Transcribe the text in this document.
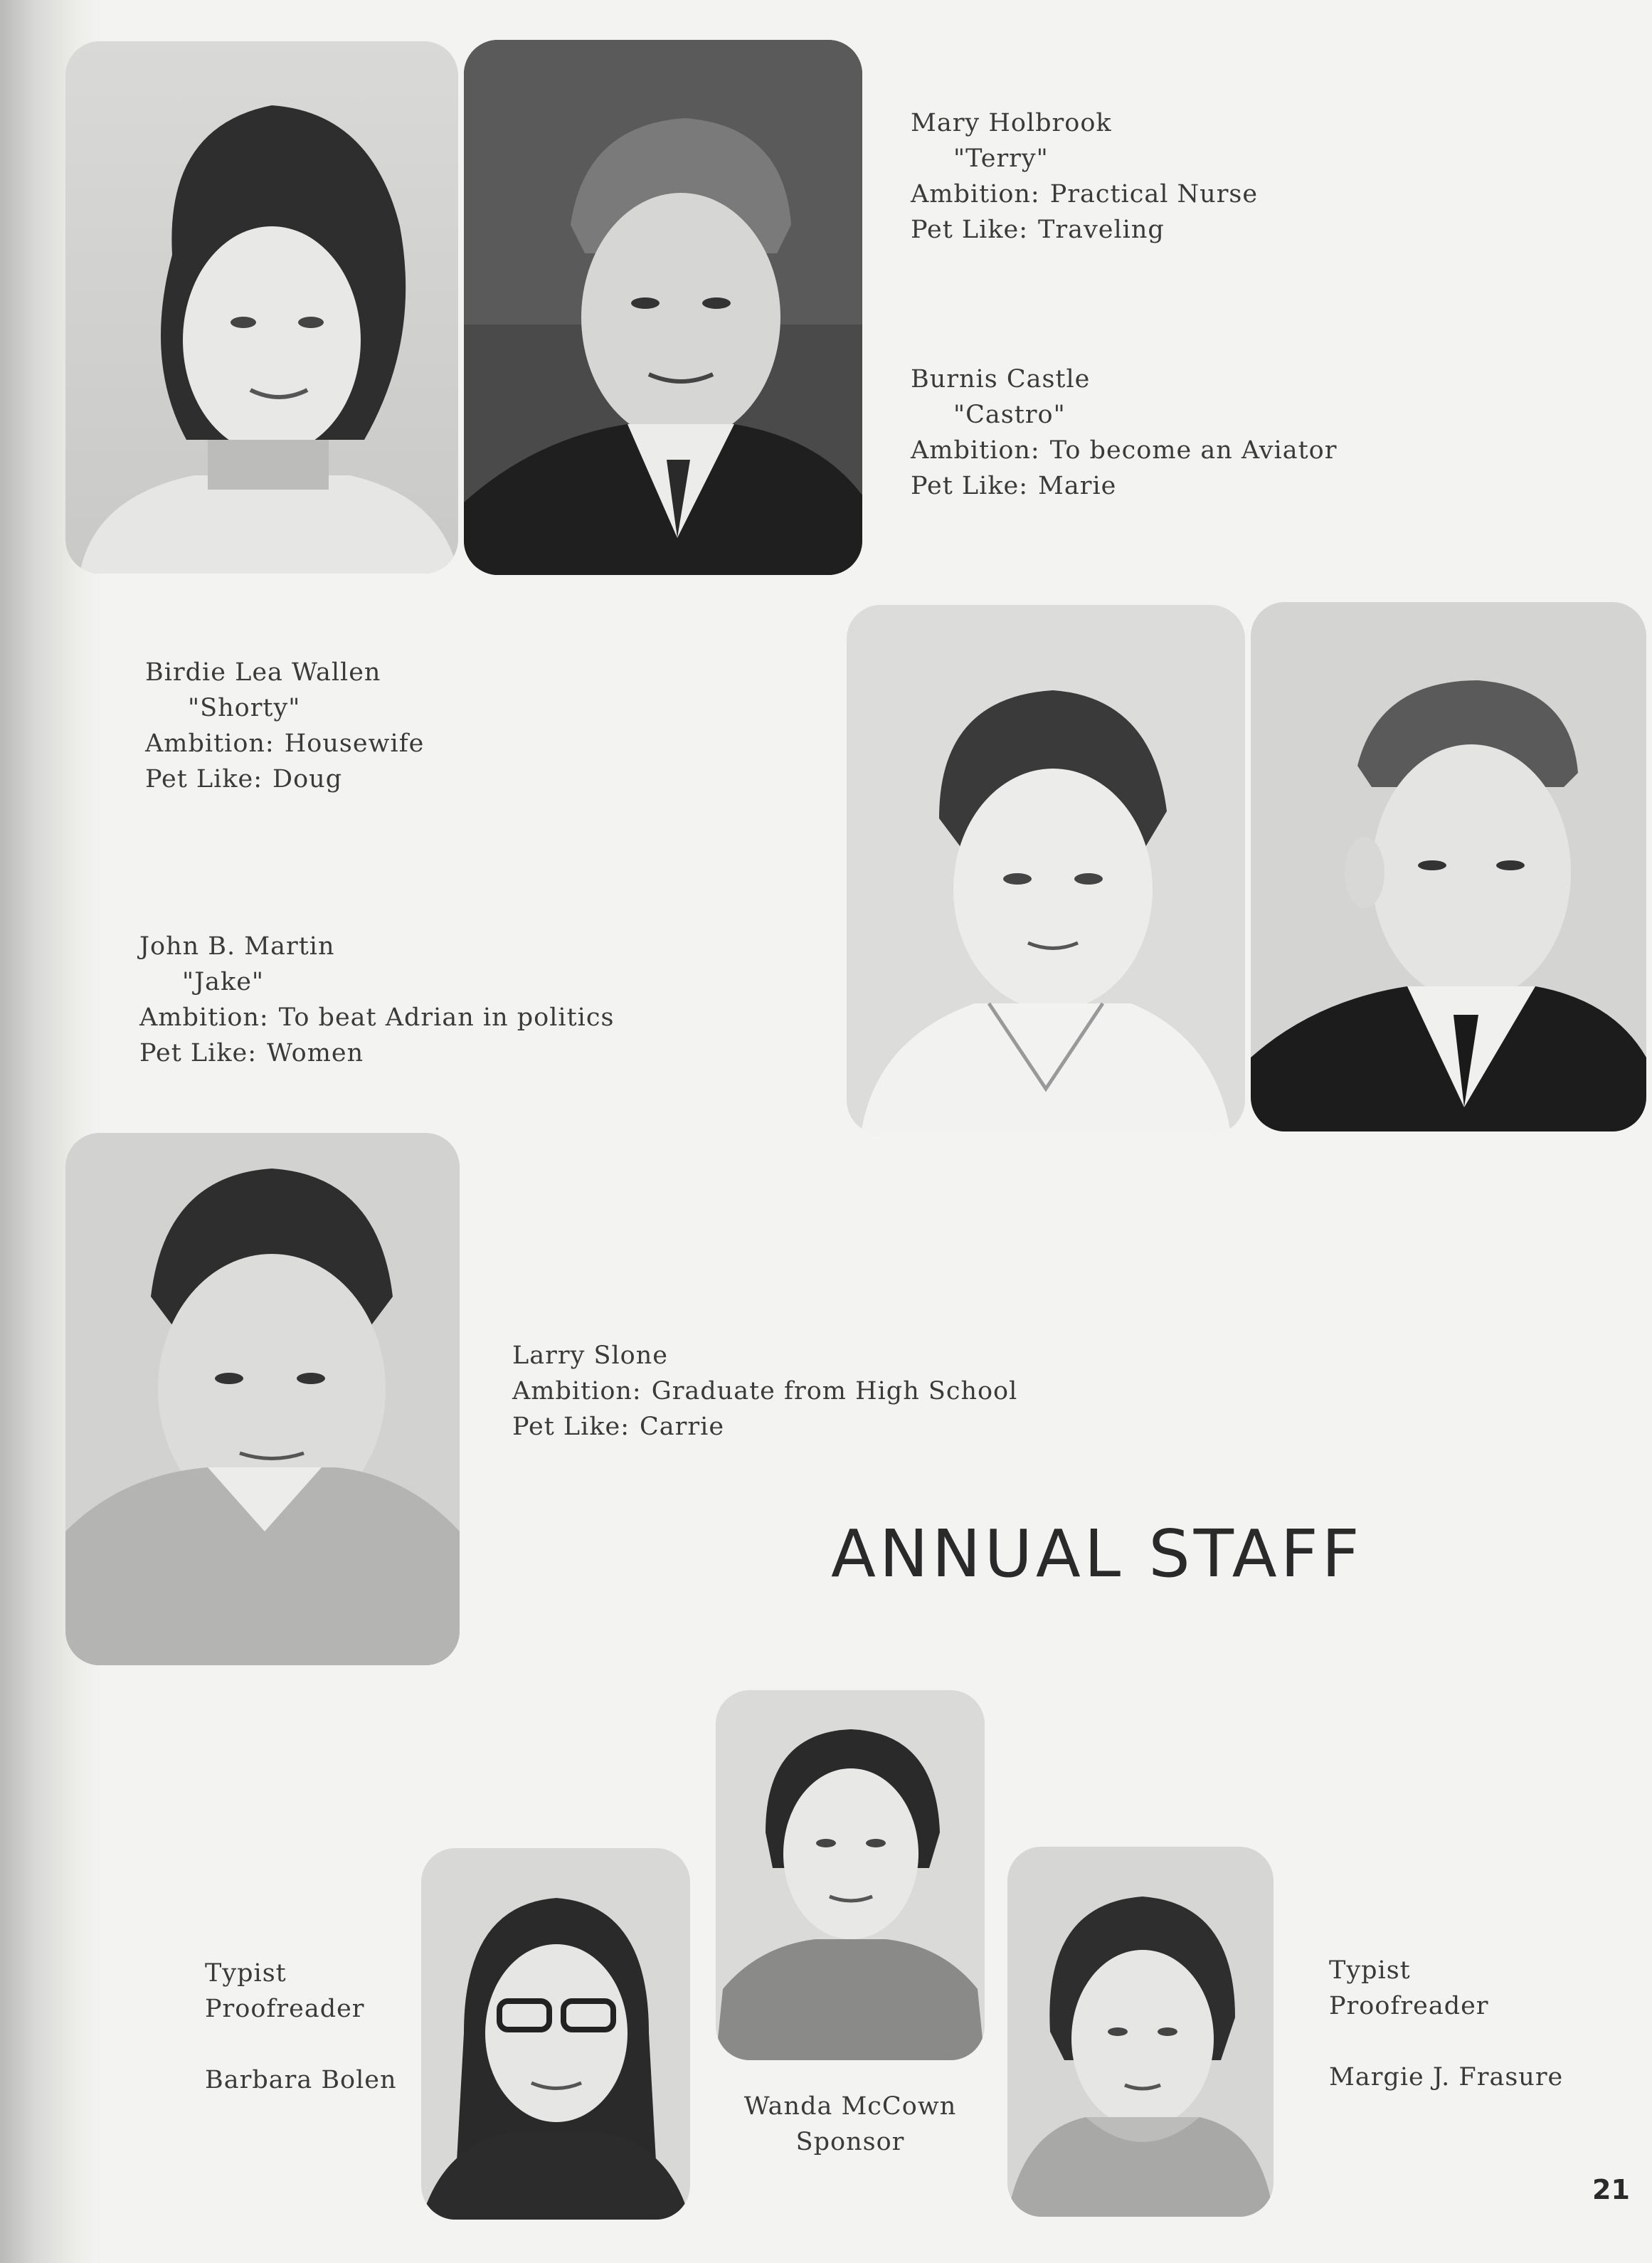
Mary Holbrook
"Terry"
Ambition: Practical Nurse
Pet Like: Traveling
Burnis Castle
"Castro"
Ambition: To become an Aviator
Pet Like: Marie
Birdie Lea Wallen
"Shorty"
Ambition: Housewife
Pet Like: Doug
John B. Martin
"Jake"
Ambition: To beat Adrian in politics
Pet Like: Women
Larry Slone
Ambition: Graduate from High School
Pet Like: Carrie
ANNUAL STAFF
Typist
Proofreader

Barbara Bolen
Wanda McCown
Sponsor
Typist
Proofreader

Margie J. Frasure
21
